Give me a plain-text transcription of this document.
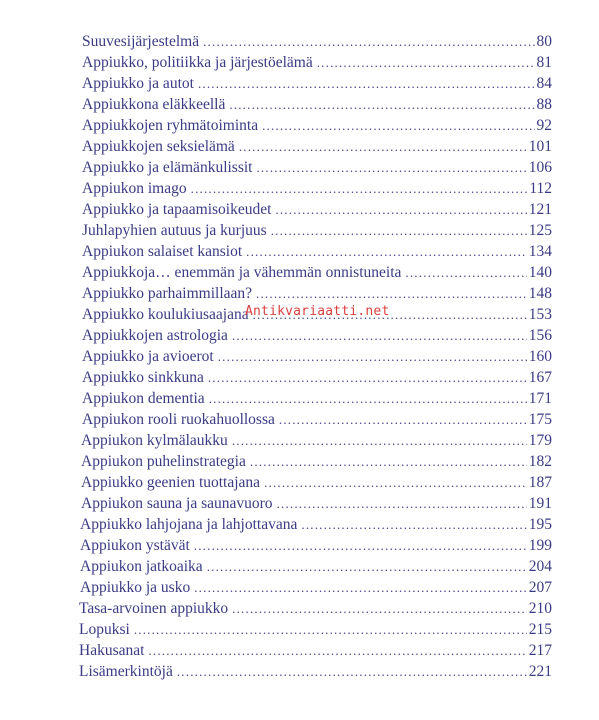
Suuvesijärjestelmä .....	80
Appiukko, politiikka ja järjestöelämä .....	81
Appiukko ja autot .....	84
Appiukkona eläkkeellä .....	88
Appiukkojen ryhmätoiminta .....	92
Appiukkojen seksielämä .....	101
Appiukko ja elämänkulissit .....	106
Appiukon imago .....	112
Appiukko ja tapaamisoikeudet .....	121
Juhlapyhien autuus ja kurjuus .....	125
Appiukon salaiset kansiot .....	134
Appiukkoja… enemmän ja vähemmän onnistuneita .....	140
Appiukko parhaimmillaan? .....	148
Appiukko koulukiusaajana .....	153
Appiukkojen astrologia .....	156
Appiukko ja avioerot .....	160
Appiukko sinkkuna .....	167
Appiukon dementia .....	171
Appiukon rooli ruokahuollossa .....	175
Appiukon kylmälaukku .....	179
Appiukon puhelinstrategia .....	182
Appiukko geenien tuottajana .....	187
Appiukon sauna ja saunavuoro .....	191
Appiukko lahjojana ja lahjottavana .....	195
Appiukon ystävät .....	199
Appiukon jatkoaika .....	204
Appiukko ja usko .....	207
Tasa-arvoinen appiukko .....	210
Lopuksi .....	215
Hakusanat .....	217
Lisämerkintöjä .....	221
Antikvariaatti.net
